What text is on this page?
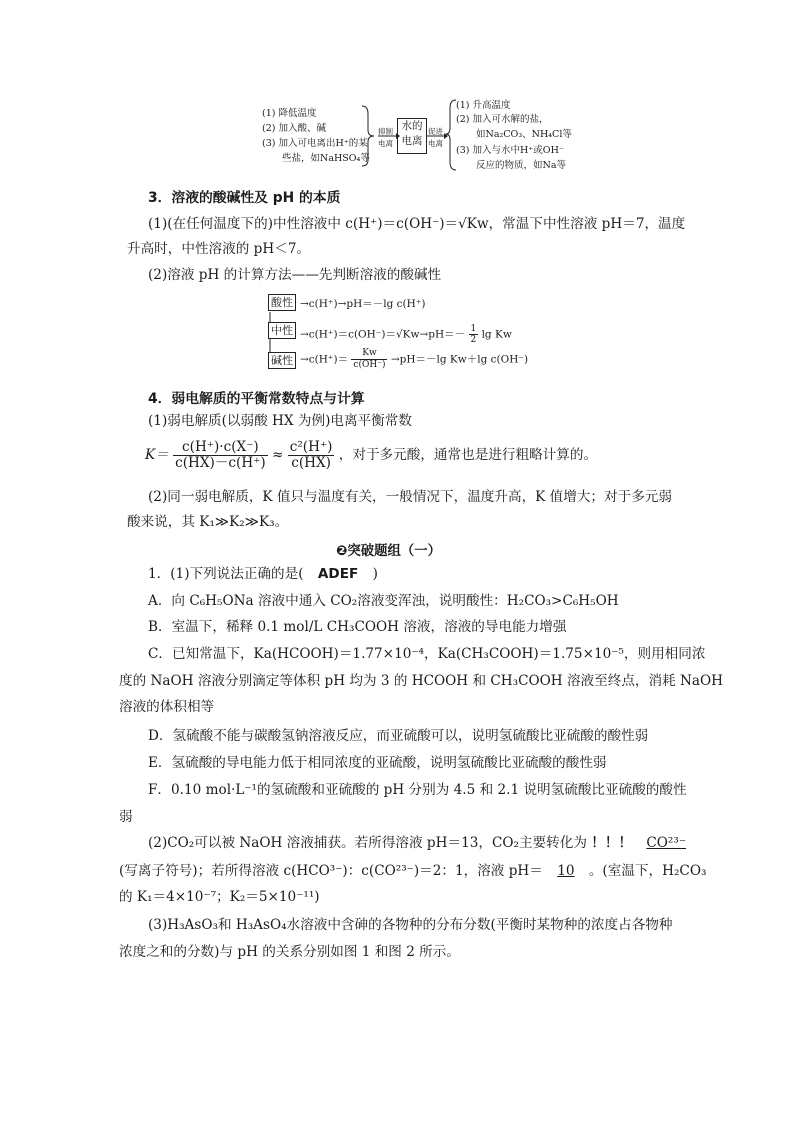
(1) 降低温度
(2) 加入酸、碱
(3) 加入可电离出H⁺的某
些盐，如NaHSO₄等
抑制
电离
水的
电离
促进
电离
(1) 升高温度
(2) 加入可水解的盐，
如Na₂CO₃、NH₄Cl等
(3) 加入与水中H⁺或OH⁻
反应的物质，如Na等
3．溶液的酸碱性及 pH 的本质
(1)(在任何温度下的)中性溶液中 c(H⁺)＝c(OH⁻)＝√Kw，常温下中性溶液 pH＝7，温度
升高时，中性溶液的 pH＜7。
(2)溶液 pH 的计算方法——先判断溶液的酸碱性
酸性 →c(H⁺)→pH＝－lg c(H⁺)
中性 $\to c(H^+)=c(OH^-)=√Kw\to pH=- \frac{1}{2}$ lg Kw
碱性 $\to c(H^+)= \frac{Kw}{c(OH^-)} \to pH=-\lg$ Kw＋lg c(OH⁻)
4．弱电解质的平衡常数特点与计算
(1)弱电解质(以弱酸 HX 为例)电离平衡常数
$K= \frac{c(H^+)\cdot c(X^-)}{c(HX)-c(H^+)} \approx \frac{\text{c²(H⁺)}}{c(HX)}$ ，对于多元酸，通常也是进行粗略计算的。
(2)同一弱电解质，K 值只与温度有关，一般情况下，温度升高，K 值增大；对于多元弱
酸来说，其 K₁≫K₂≫K₃。
❷突破题组（一）
1．(1)下列说法正确的是( ADEF )
A．向 C₆H₅ONa 溶液中通入 CO₂溶液变浑浊，说明酸性：H₂CO₃>C₆H₅OH
B．室温下，稀释 0.1 mol/L CH₃COOH 溶液，溶液的导电能力增强
C．已知常温下，Ka(HCOOH)＝1.77×10⁻⁴，Ka(CH₃COOH)＝1.75×10⁻⁵，则用相同浓
度的 NaOH 溶液分别滴定等体积 pH 均为 3 的 HCOOH 和 CH₃COOH 溶液至终点，消耗 NaOH
溶液的体积相等
D．氢硫酸不能与碳酸氢钠溶液反应，而亚硫酸可以，说明氢硫酸比亚硫酸的酸性弱
E．氢硫酸的导电能力低于相同浓度的亚硫酸，说明氢硫酸比亚硫酸的酸性弱
F．0.10 mol·L⁻¹的氢硫酸和亚硫酸的 pH 分别为 4.5 和 2.1 说明氢硫酸比亚硫酸的酸性
弱
(2)CO₂可以被 NaOH 溶液捕获。若所得溶液 pH＝13，CO₂主要转化为 ！！！ CO²³⁻
(写离子符号)；若所得溶液 c(HCO³⁻)：c(CO²³⁻)＝2：1，溶液 pH＝ 10 。(室温下，H₂CO₃
的 K₁＝4×10⁻⁷；K₂＝5×10⁻¹¹)
(3)H₃AsO₃和 H₃AsO₄水溶液中含砷的各物种的分布分数(平衡时某物种的浓度占各物种
浓度之和的分数)与 pH 的关系分别如图 1 和图 2 所示。
